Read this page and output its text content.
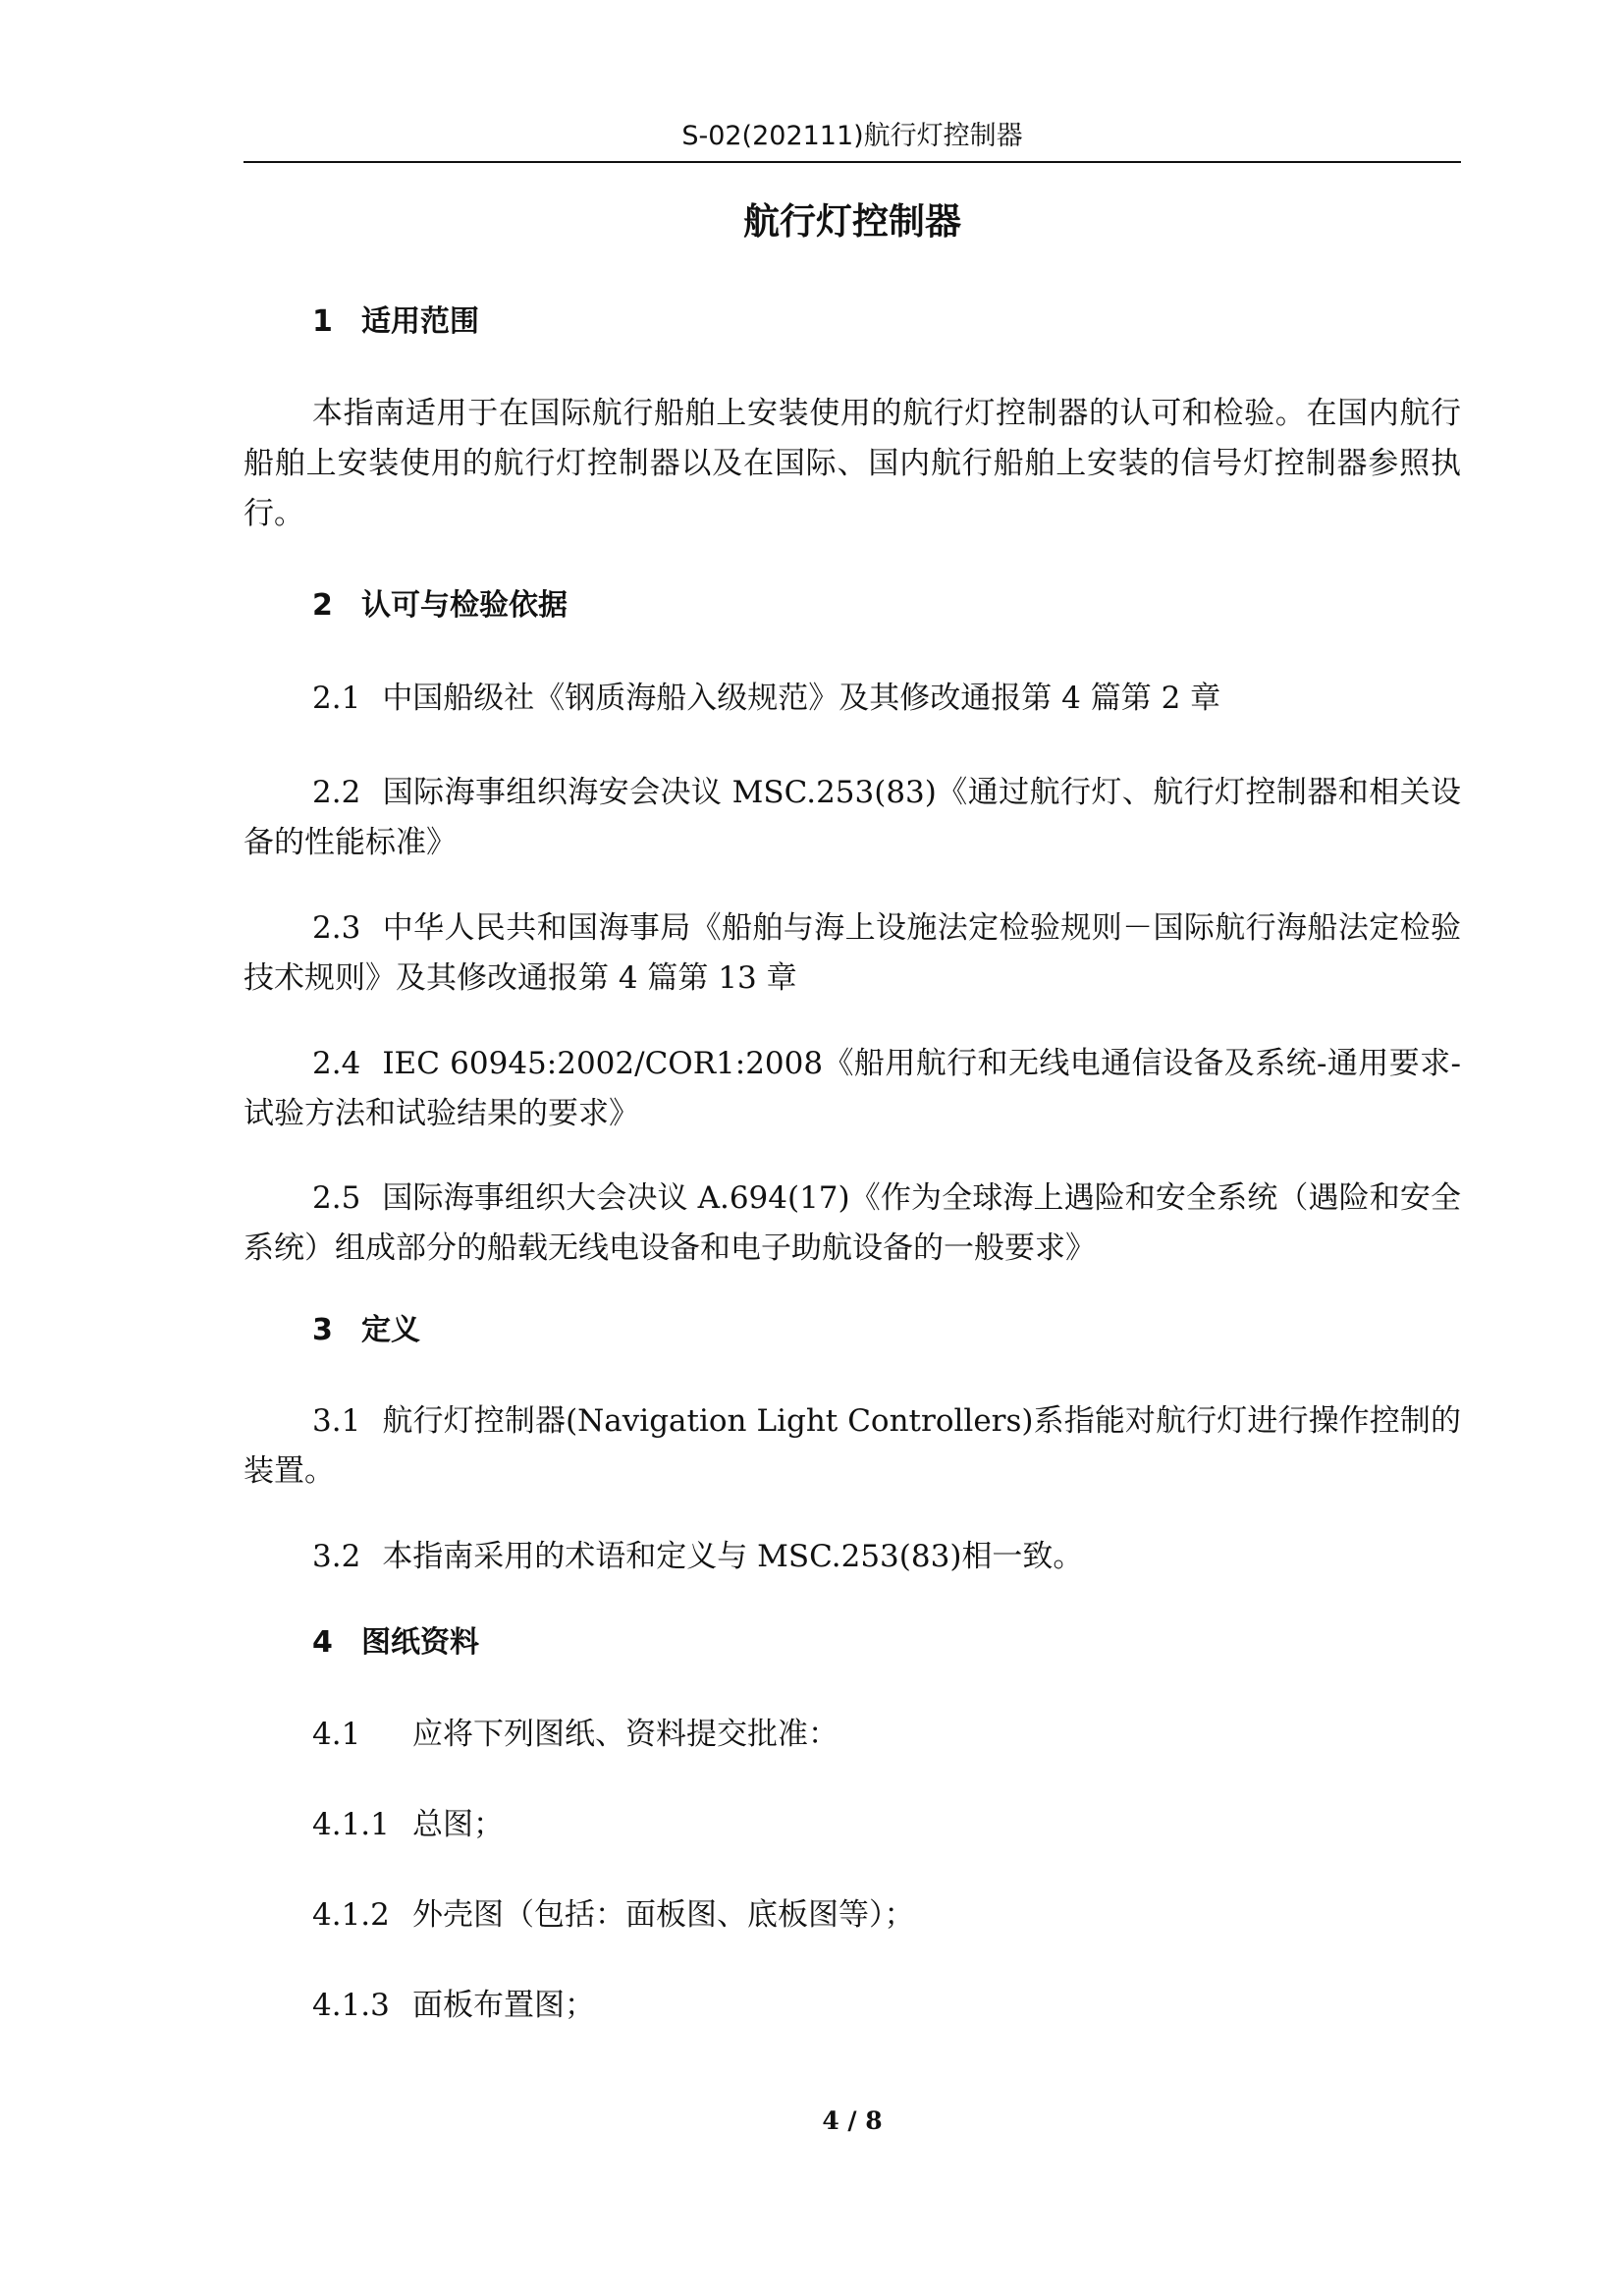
S-02(202111)航行灯控制器
航行灯控制器
1 适用范围

本指南适用于在国际航行船舶上安装使用的航行灯控制器的认可和检验。在国内航行船舶上安装使用的航行灯控制器以及在国际、国内航行船舶上安装的信号灯控制器参照执行。

2 认可与检验依据

2.1 中国船级社《钢质海船入级规范》及其修改通报第 4 篇第 2 章

2.2 国际海事组织海安会决议 MSC.253(83)《通过航行灯、航行灯控制器和相关设备的性能标准》

2.3 中华人民共和国海事局《船舶与海上设施法定检验规则－国际航行海船法定检验技术规则》及其修改通报第 4 篇第 13 章

2.4 IEC 60945:2002/COR1:2008《船用航行和无线电通信设备及系统-通用要求-试验方法和试验结果的要求》

2.5 国际海事组织大会决议 A.694(17)《作为全球海上遇险和安全系统（遇险和安全系统）组成部分的船载无线电设备和电子助航设备的一般要求》

3 定义

3.1 航行灯控制器(Navigation Light Controllers)系指能对航行灯进行操作控制的装置。

3.2 本指南采用的术语和定义与 MSC.253(83)相一致。

4 图纸资料

4.1 应将下列图纸、资料提交批准：

4.1.1 总图；

4.1.2 外壳图（包括：面板图、底板图等）；

4.1.3 面板布置图；

4 / 8
